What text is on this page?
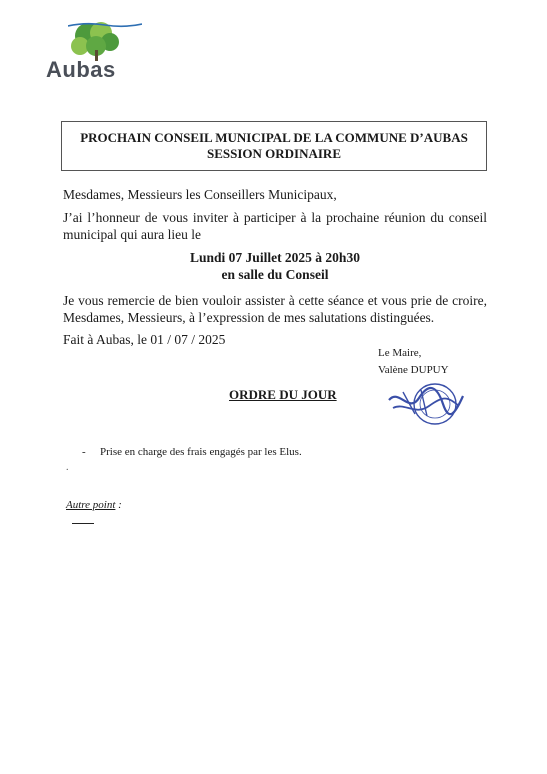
Aubas
PROCHAIN CONSEIL MUNICIPAL DE LA COMMUNE D’AUBAS
SESSION ORDINAIRE
Mesdames, Messieurs les Conseillers Municipaux,
J’ai l’honneur de vous inviter à participer à la prochaine réunion du conseil municipal qui aura lieu le
Lundi 07 Juillet 2025 à 20h30
en salle du Conseil
Je vous remercie de bien vouloir assister à cette séance et vous prie de croire, Mesdames, Messieurs, à l’expression de mes salutations distinguées.
Fait à Aubas, le 01 / 07 / 2025
Le Maire,
Valène DUPUY
ORDRE DU JOUR
- Prise en charge des frais engagés par les Elus.
.
Autre point :
